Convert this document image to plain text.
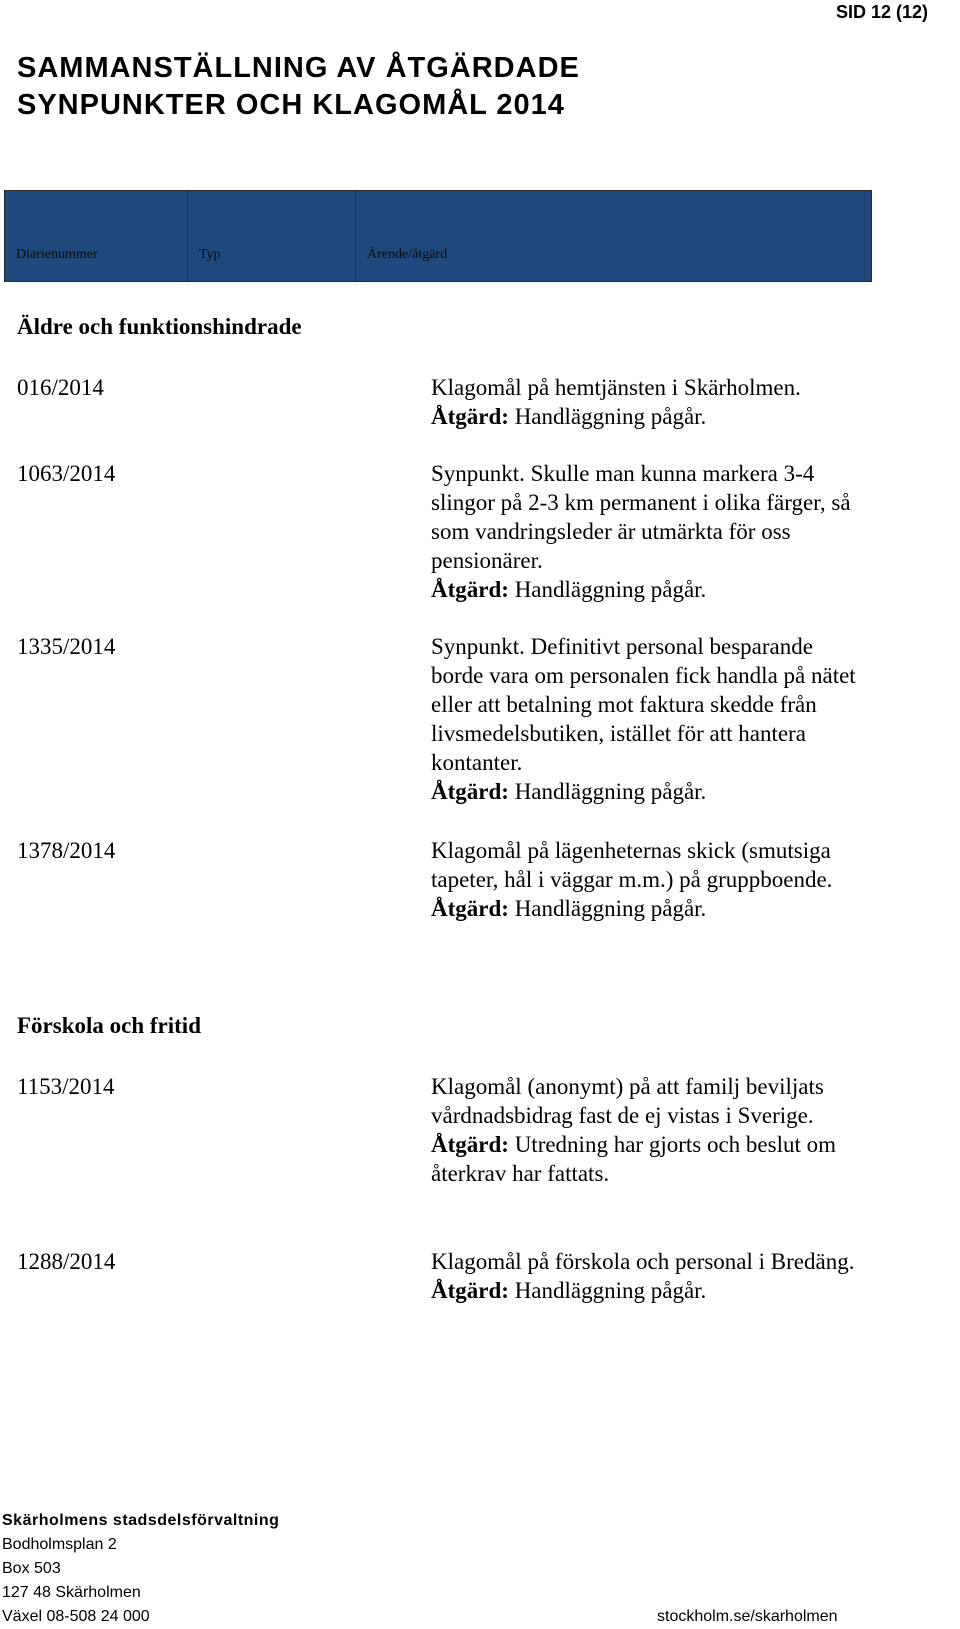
SID 12 (12)
SAMMANSTÄLLNING AV ÅTGÄRDADE
SYNPUNKTER OCH KLAGOMÅL 2014
Diarienummer	Typ	Ärende/åtgärd
Äldre och funktionshindrade
016/2014	Klagomål på hemtjänsten i Skärholmen.
Åtgärd: Handläggning pågår.
1063/2014	Synpunkt. Skulle man kunna markera 3-4 slingor på 2-3 km permanent i olika färger, så som vandringsleder är utmärkta för oss pensionärer.
Åtgärd: Handläggning pågår.
1335/2014	Synpunkt. Definitivt personal besparande borde vara om personalen fick handla på nätet eller att betalning mot faktura skedde från livsmedelsbutiken, istället för att hantera kontanter.
Åtgärd: Handläggning pågår.
1378/2014	Klagomål på lägenheternas skick (smutsiga tapeter, hål i väggar m.m.) på gruppboende.
Åtgärd: Handläggning pågår.
Förskola och fritid
1153/2014	Klagomål (anonymt) på att familj beviljats vårdnadsbidrag fast de ej vistas i Sverige.
Åtgärd: Utredning har gjorts och beslut om återkrav har fattats.
1288/2014	Klagomål på förskola och personal i Bredäng.
Åtgärd: Handläggning pågår.
Skärholmens stadsdelsförvaltning
Bodholmsplan 2
Box 503
127 48 Skärholmen
Växel 08-508 24 000	stockholm.se/skarholmen
